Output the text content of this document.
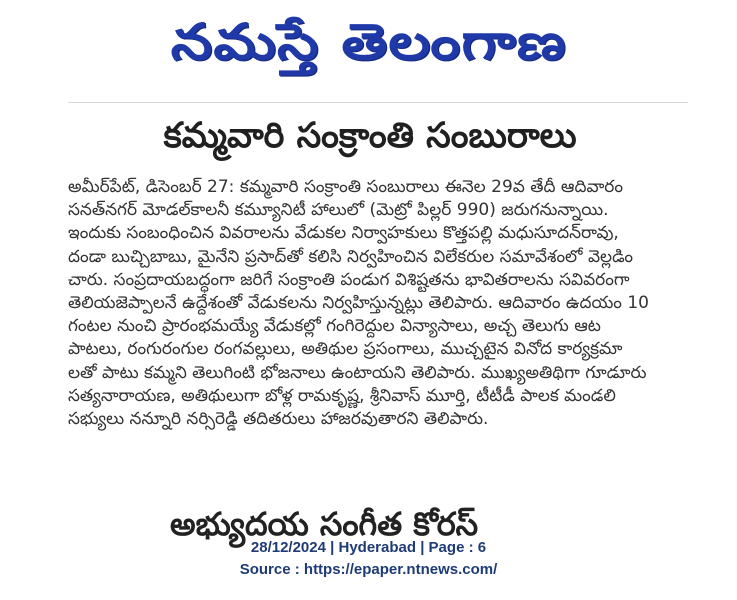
నమస్తే తెలంగాణ
కమ్మవారి సంక్రాంతి సంబురాలు
అమీర్‌పేట్‌, డిసెంబర్‌ 27: కమ్మవారి సంక్రాంతి సంబురాలు ఈనెల 29వ తేదీ ఆదివారం
సనత్‌నగర్‌ మోడల్‌కాలనీ కమ్యూనిటీ హాలులో (మెట్రో పిల్లర్‌ 990) జరుగనున్నాయి.
ఇందుకు సంబంధించిన వివరాలను వేడుకల నిర్వాహకులు కొత్తపల్లి మధుసూదన్‌రావు,
దండా బుచ్చిబాబు, మైనేని ప్రసాద్‌తో కలిసి నిర్వహించిన విలేకరుల సమావేశంలో వెల్లడిం
చారు. సంప్రదాయబద్ధంగా జరిగే సంక్రాంతి పండుగ విశిష్టతను భావితరాలను సవివరంగా
తెలియజెప్పాలనే ఉద్దేశంతో వేడుకలను నిర్వహిస్తున్నట్లు తెలిపారు. ఆదివారం ఉదయం 10
గంటల నుంచి ప్రారంభమయ్యే వేడుకల్లో గంగిరెద్దుల విన్యాసాలు, అచ్చ తెలుగు ఆట
పాటలు, రంగురంగుల రంగవల్లులు, అతిథుల ప్రసంగాలు, ముచ్చటైన వినోద కార్యక్రమా
లతో పాటు కమ్మని తెలుగింటి భోజనాలు ఉంటాయని తెలిపారు. ముఖ్యఅతిథిగా గూడూరు
సత్యనారాయణ, అతిథులుగా బోళ్ల రామకృష్ణ, శ్రీనివాస్‌ మూర్తి, టీటీడీ పాలక మండలి
సభ్యులు నన్నూరి నర్సిరెడ్డి తదితరులు హాజరవుతారని తెలిపారు.
అభ్యుదయ సంగీత కోరస్‌
28/12/2024 | Hyderabad | Page : 6
Source : https://epaper.ntnews.com/
